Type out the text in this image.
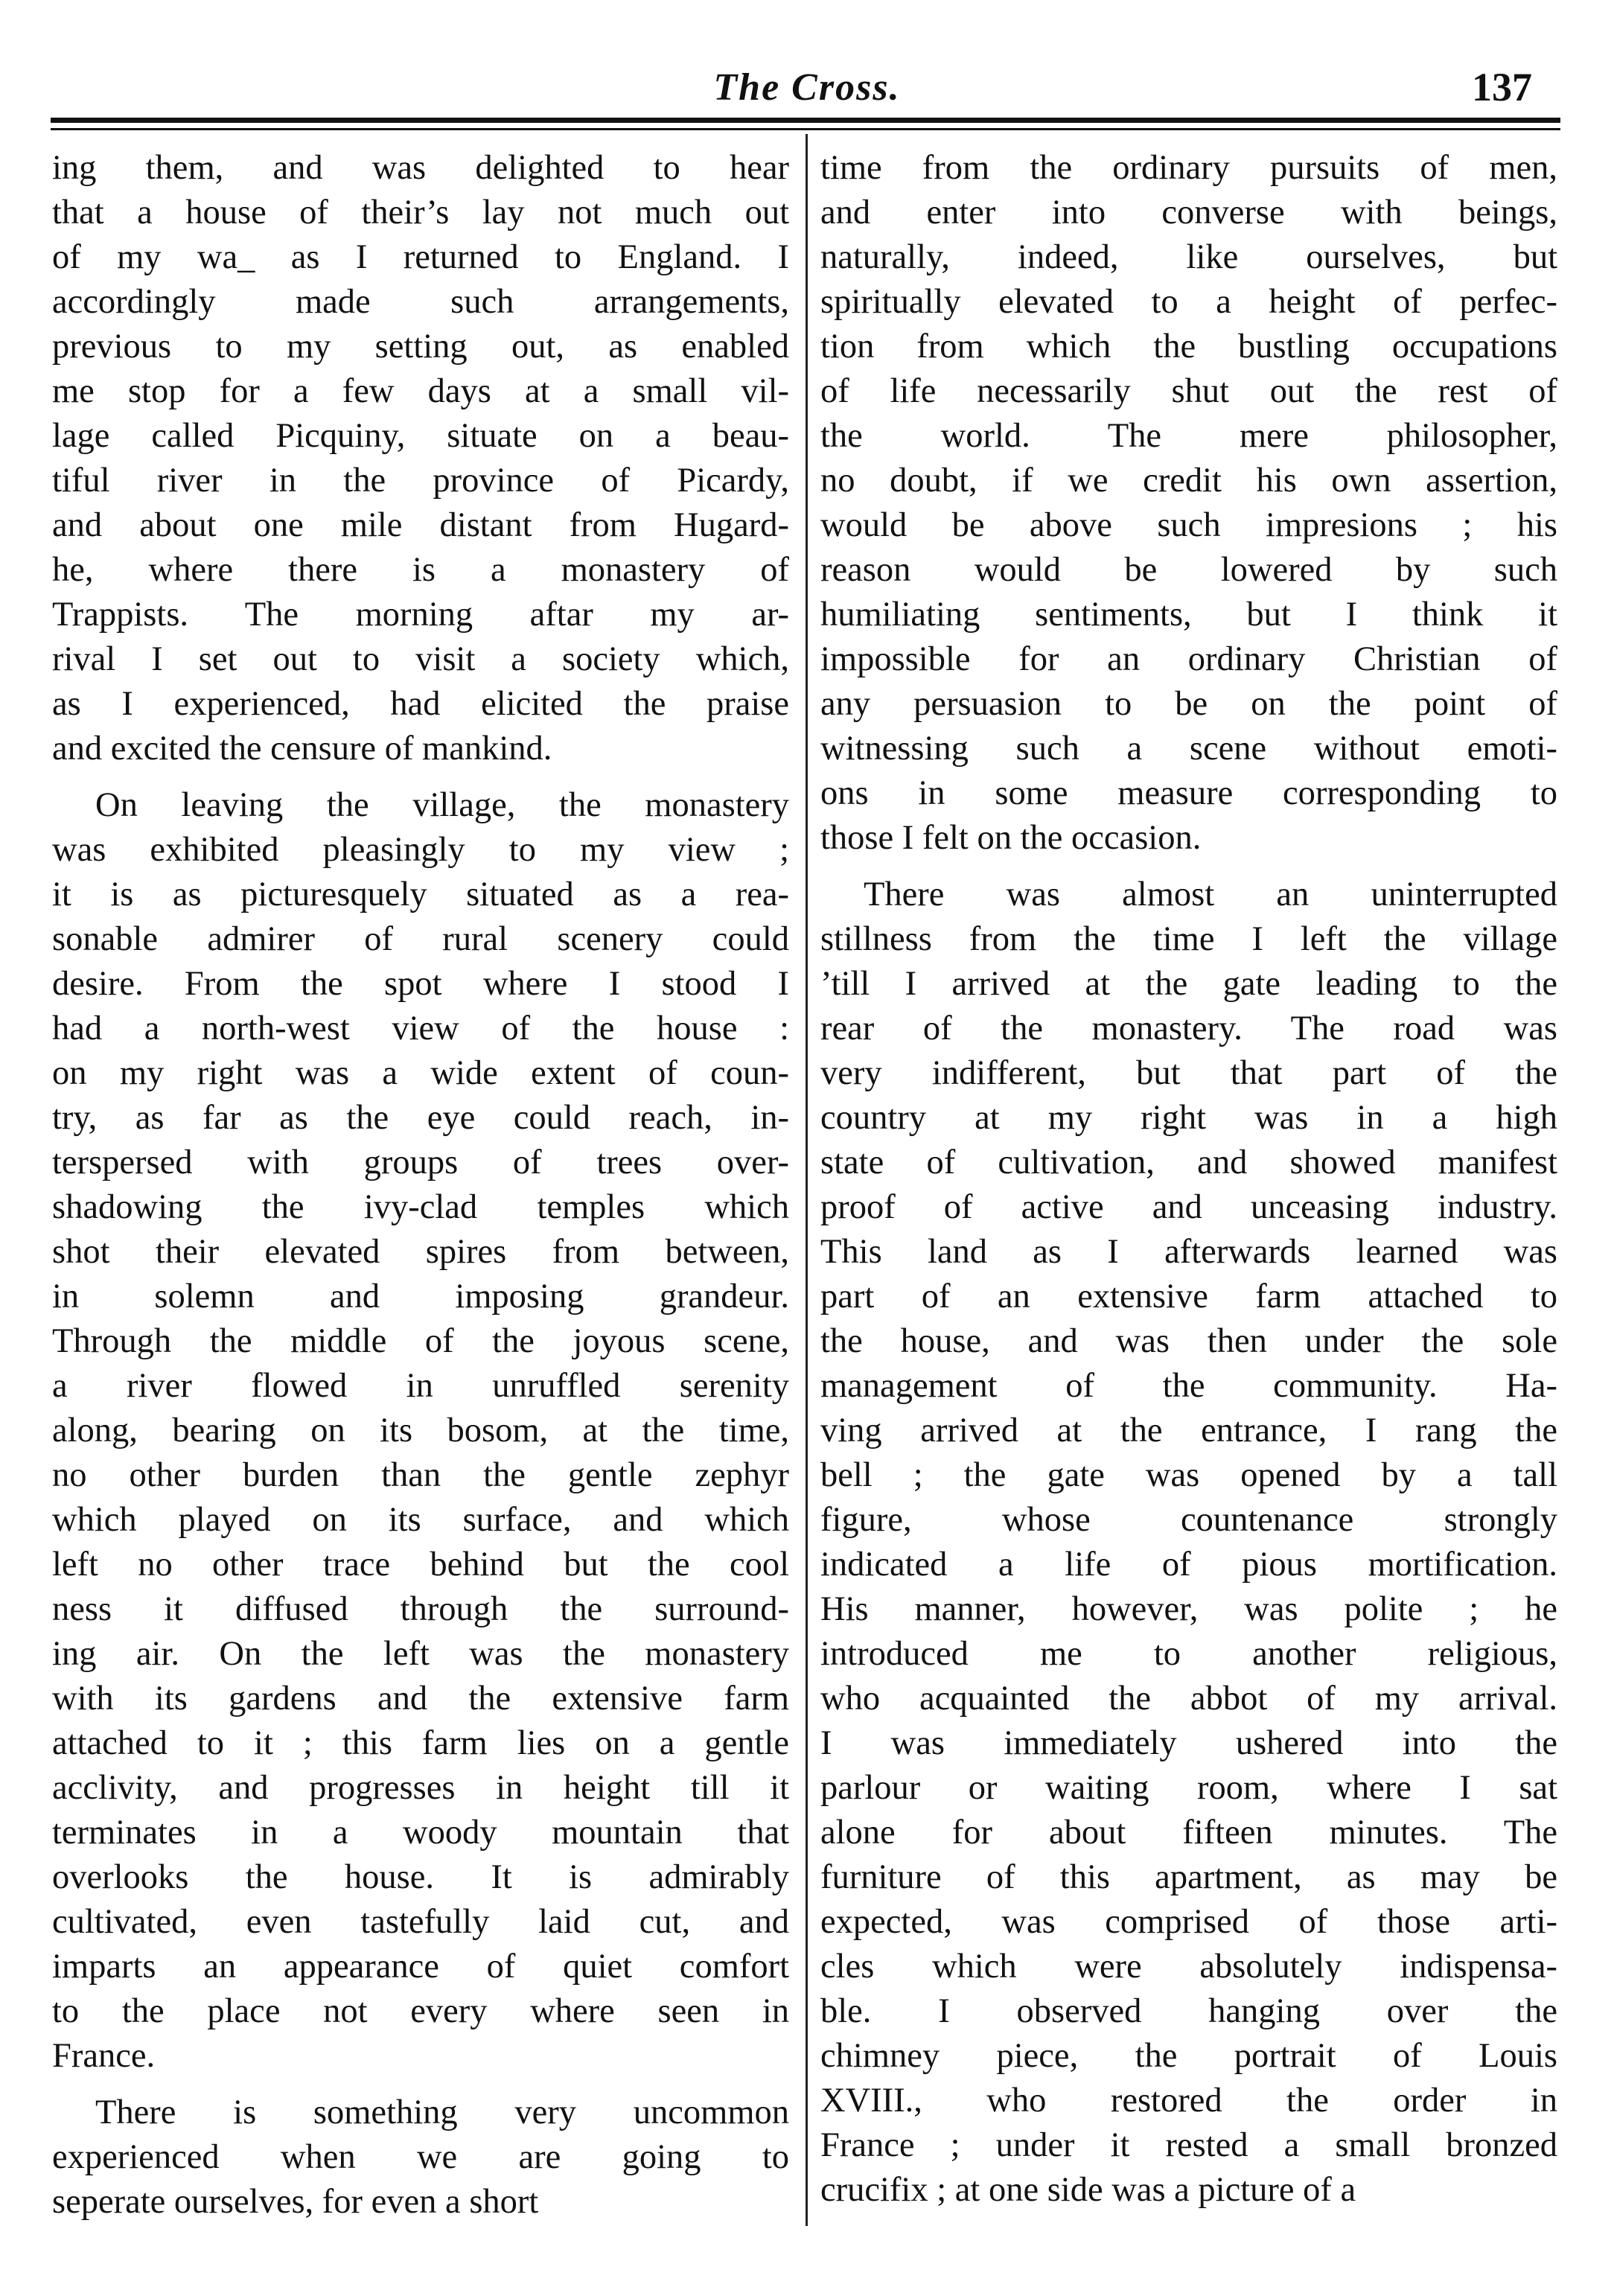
The Cross.	137
ing them, and was delighted to hear
that a house of their’s lay not much out
of my wa_ as I returned to England. I
accordingly made such arrangements,
previous to my setting out, as enabled
me stop for a few days at a small vil-
lage called Picquiny, situate on a beau-
tiful river in the province of Picardy,
and about one mile distant from Hugard-
he, where there is a monastery of
Trappists. The morning aftar my ar-
rival I set out to visit a society which,
as I experienced, had elicited the praise
and excited the censure of mankind.
On leaving the village, the monastery
was exhibited pleasingly to my view ;
it is as picturesquely situated as a rea-
sonable admirer of rural scenery could
desire. From the spot where I stood I
had a north-west view of the house :
on my right was a wide extent of coun-
try, as far as the eye could reach, in-
terspersed with groups of trees over-
shadowing the ivy-clad temples which
shot their elevated spires from between,
in solemn and imposing grandeur.
Through the middle of the joyous scene,
a river flowed in unruffled serenity
along, bearing on its bosom, at the time,
no other burden than the gentle zephyr
which played on its surface, and which
left no other trace behind but the cool
ness it diffused through the surround-
ing air. On the left was the monastery
with its gardens and the extensive farm
attached to it ; this farm lies on a gentle
acclivity, and progresses in height till it
terminates in a woody mountain that
overlooks the house. It is admirably
cultivated, even tastefully laid cut, and
imparts an appearance of quiet comfort
to the place not every where seen in
France.
There is something very uncommon
experienced when we are going to
seperate ourselves, for even a short
time from the ordinary pursuits of men,
and enter into converse with beings,
naturally, indeed, like ourselves, but
spiritually elevated to a height of perfec-
tion from which the bustling occupations
of life necessarily shut out the rest of
the world. The mere philosopher,
no doubt, if we credit his own assertion,
would be above such impresions ; his
reason would be lowered by such
humiliating sentiments, but I think it
impossible for an ordinary Christian of
any persuasion to be on the point of
witnessing such a scene without emoti-
ons in some measure corresponding to
those I felt on the occasion.
There was almost an uninterrupted
stillness from the time I left the village
’till I arrived at the gate leading to the
rear of the monastery. The road was
very indifferent, but that part of the
country at my right was in a high
state of cultivation, and showed manifest
proof of active and unceasing industry.
This land as I afterwards learned was
part of an extensive farm attached to
the house, and was then under the sole
management of the community. Ha-
ving arrived at the entrance, I rang the
bell ; the gate was opened by a tall
figure, whose countenance strongly
indicated a life of pious mortification.
His manner, however, was polite ; he
introduced me to another religious,
who acquainted the abbot of my arrival.
I was immediately ushered into the
parlour or waiting room, where I sat
alone for about fifteen minutes. The
furniture of this apartment, as may be
expected, was comprised of those arti-
cles which were absolutely indispensa-
ble. I observed hanging over the
chimney piece, the portrait of Louis
XVIII., who restored the order in
France ; under it rested a small bronzed
crucifix ; at one side was a picture of a
